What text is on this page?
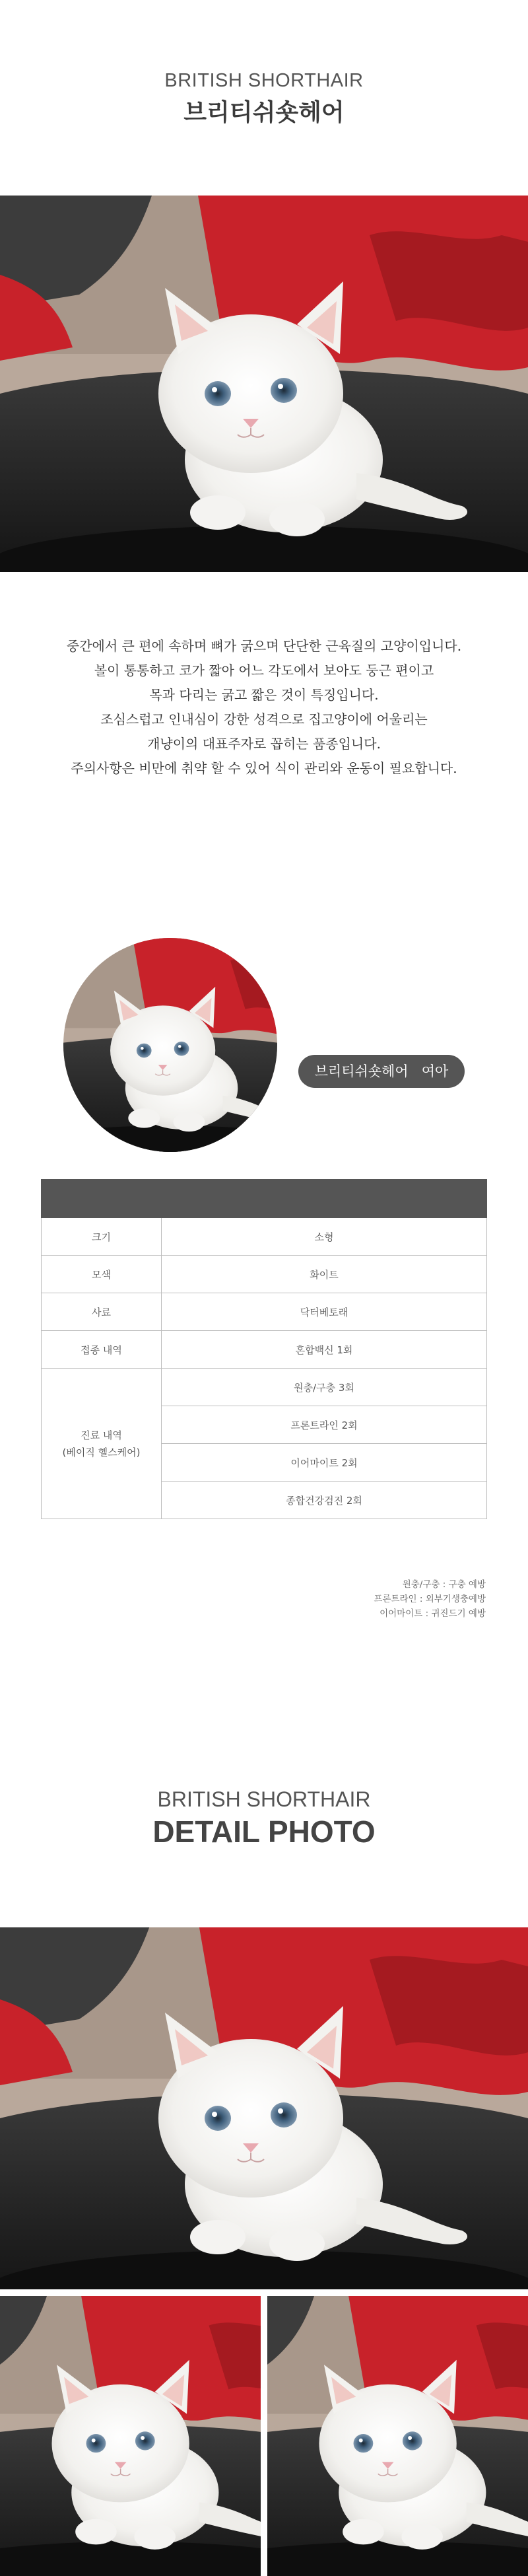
BRITISH SHORTHAIR
브리티쉬숏헤어

중간에서 큰 편에 속하며 뼈가 굵으며 단단한 근육질의 고양이입니다.

볼이 통통하고 코가 짧아 어느 각도에서 보아도 둥근 편이고

목과 다리는 굵고 짧은 것이 특징입니다.

조심스럽고 인내심이 강한 성격으로 집고양이에 어울리는

개냥이의 대표주자로 꼽히는 품종입니다.

주의사항은 비만에 취약 할 수 있어 식이 관리와 운동이 필요합니다.

브리티쉬숏헤어   여아

크기	소형
모색	화이트
사료	닥터베토래
접종 내역	혼합백신 1회

진료 내역
(베이직 헬스케어)	원충/구충 3회
	프론트라인 2회
	이어마이트 2회
	종합건강검진 2회
원충/구충 : 구충 예방
프론트라인 : 외부기생충예방
이어마이트 : 귀진드기 예방
BRITISH SHORTHAIR
DETAIL PHOTO
